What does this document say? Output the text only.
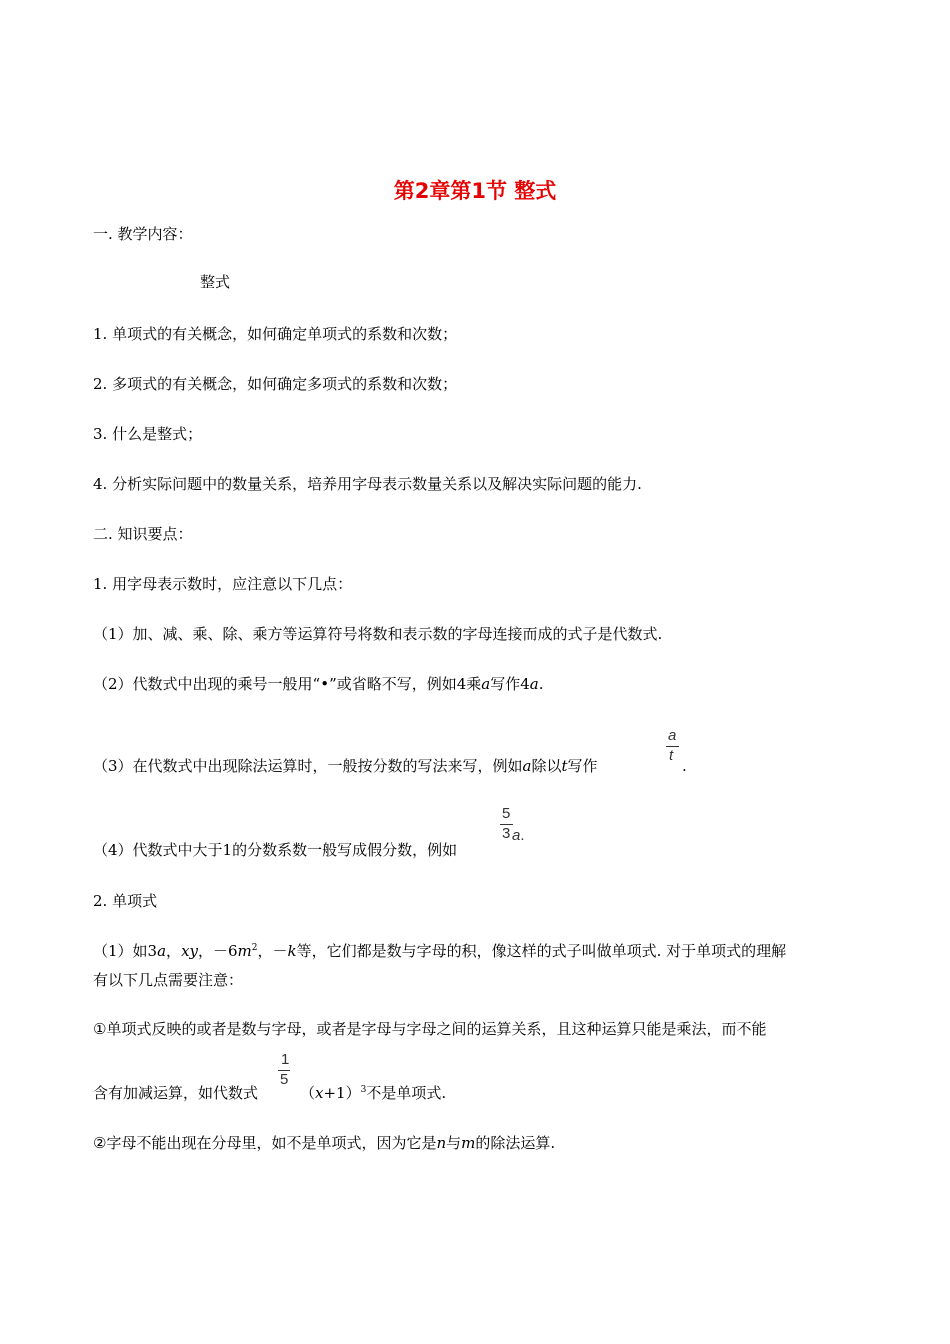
第2章第1节 整式
一. 教学内容：
整式
1. 单项式的有关概念，如何确定单项式的系数和次数；
2. 多项式的有关概念，如何确定多项式的系数和次数；
3. 什么是整式；
4. 分析实际问题中的数量关系，培养用字母表示数量关系以及解决实际问题的能力.
二. 知识要点：
1. 用字母表示数时，应注意以下几点：
（1）加、减、乘、除、乘方等运算符号将数和表示数的字母连接而成的式子是代数式.
（2）代数式中出现的乘号一般用“•”或省略不写，例如4乘a写作4a.
（3）在代数式中出现除法运算时，一般按分数的写法来写，例如a除以t写作
a
t
.
（4）代数式中大于1的分数系数一般写成假分数，例如
5
3 a.
2. 单项式
（1）如3a，xy，$-6m^2$，－k等，它们都是数与字母的积，像这样的式子叫做单项式. 对于单项式的理解
有以下几点需要注意：
①单项式反映的或者是数与字母，或者是字母与字母之间的运算关系，且这种运算只能是乘法，而不能
含有加减运算，如代数式
1
5
$(x+1)^3$不是单项式.
②字母不能出现在分母里，如不是单项式，因为它是n与m的除法运算.
